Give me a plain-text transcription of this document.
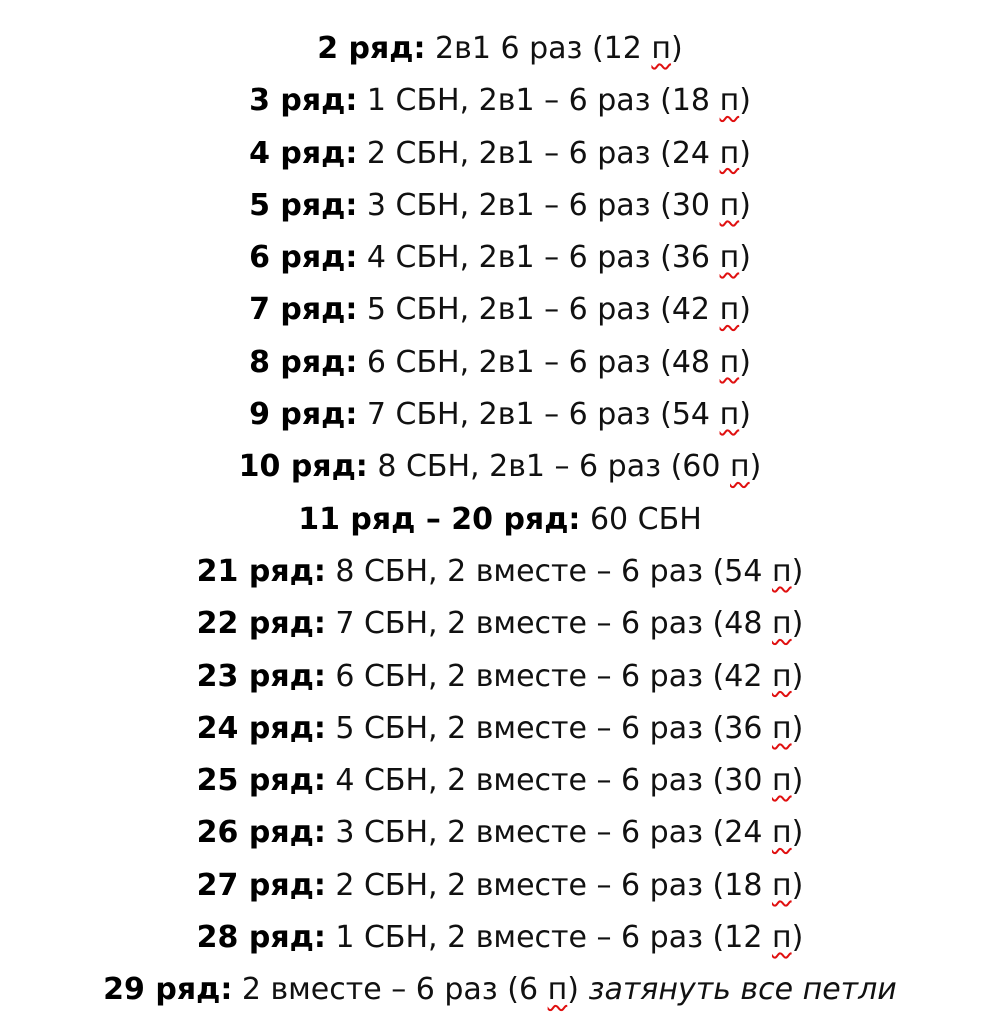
2 ряд: 2в1 6 раз (12 п)
3 ряд: 1 СБН, 2в1 – 6 раз (18 п)
4 ряд: 2 СБН, 2в1 – 6 раз (24 п)
5 ряд: 3 СБН, 2в1 – 6 раз (30 п)
6 ряд: 4 СБН, 2в1 – 6 раз (36 п)
7 ряд: 5 СБН, 2в1 – 6 раз (42 п)
8 ряд: 6 СБН, 2в1 – 6 раз (48 п)
9 ряд: 7 СБН, 2в1 – 6 раз (54 п)
10 ряд: 8 СБН, 2в1 – 6 раз (60 п)
11 ряд – 20 ряд: 60 СБН
21 ряд: 8 СБН, 2 вместе – 6 раз (54 п)
22 ряд: 7 СБН, 2 вместе – 6 раз (48 п)
23 ряд: 6 СБН, 2 вместе – 6 раз (42 п)
24 ряд: 5 СБН, 2 вместе – 6 раз (36 п)
25 ряд: 4 СБН, 2 вместе – 6 раз (30 п)
26 ряд: 3 СБН, 2 вместе – 6 раз (24 п)
27 ряд: 2 СБН, 2 вместе – 6 раз (18 п)
28 ряд: 1 СБН, 2 вместе – 6 раз (12 п)
29 ряд: 2 вместе – 6 раз (6 п) затянуть все петли
